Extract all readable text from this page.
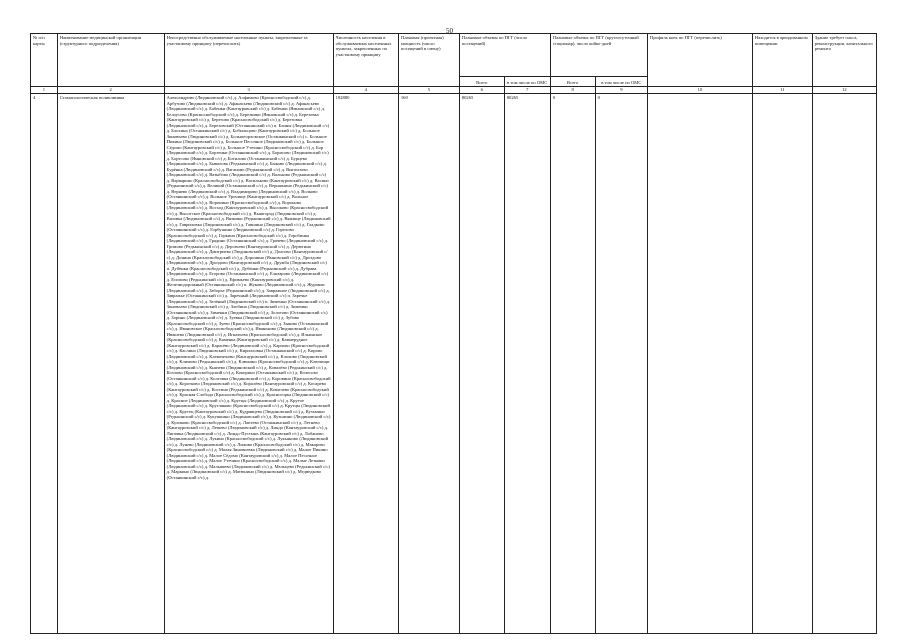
50
№ п/п карты	Наименование медицинской организации (структурного подразделения)	Непосредственно обслуживаемые населенные пункты, закрепленные за участковому принципу (перечислить)	Численность населения в обслуживаемых населенных пунктах, закрепленных по участковому принципу	Плановая (проектная) мощность (число посещений в смену)	Плановые объемы по ПГГ (число посещений)		Плановые объемы по ПГГ (круглосуточный стационар), число койко-дней		Профиль коек по ПГГ (перечислить)	Находится в арендованном помещении	Здание требует сноса, реконструкции, капитального ремонта
					Всего	в том числе по ОМС	Всего	в том числе по ОМС			
1	2	3	4	5	6	7	8	9	10	11	12
4	Стоматологическая поликлиника	Александрово (Людиновский с/с) д. Алфимово (Красносвободский с/с) д. Арбузово (Людиновский с/с) д. Афанасьево (Людиновский с/с) д. Афанасьево (Людиновский с/с) д. Бабенки (Кантауровский с/с) д. Бабенки (Ямновский с/с) д. Белоусово (Красносвободский с/с) д. Березники (Ямновский с/с) д. Березовка (Кантауровский с/с) д. Березово (Красносвободский с/с) д. Березовка (Людиновский с/с) д. Березовский (Останкинский с/с) п. Блины (Людиновский с/с) д. Блохино (Останкинский с/с) д. Бобыльцово (Кантауровский с/с) д. Большое Зиновьево (Людиновский с/с) д. Большеорловское (Останкинский с/с) с. Большое Пикино (Людиновский с/с) д. Большое Песочное (Людиновский с/с) д. Большое Сёдомо (Кантауровский с/с) д. Большое Утечино (Красносвободский с/с) д. Бор (Людиновский с/с) д. Борзенки (Останкинский с/с) д. Борисово (Людиновский с/с) д. Бортсово (Ямновский с/с) д. Ботилово (Останкинский с/с) д. Бурцево (Людиновский с/с) д. Бывалово (Редькинский с/с) д. Быково (Людиновский с/с) д. Бурёнка (Людиновский с/с) д. Ваганово (Редькинский с/с) д. Выползово (Людиновский с/с) д. Вазыбово (Людиновский с/с) д. Вальково (Редькинский с/с) д. Варварино (Красносвободский с/с) д. Васильково (Кантауровский с/с) д. Васино (Редькинский с/с) д. Великий (Останкинский с/с) д. Вершинино (Редькинский с/с) д. Веряево (Людиновский с/с) д. Владимирово (Людиновский с/с) д. Волково (Останкинский с/с) д. Вольное Урочище (Кантауровский с/с) д. Вольное (Людиновский с/с) д. Воронино (Красносвободский с/с) д. Вороново (Людиновский с/с) д. Восход (Кантауровский с/с) д. Высоково (Красносвободский с/с) д. Высотское (Красносвободский с/с) д. Вышгород (Людиновский с/с) д. Вязовка (Людиновский с/с) д. Вязники (Редькинский с/с) д. Вяжище (Людиновский с/с) д. Гавриловка (Людиновский с/с) д. Гавшино (Людиновский с/с) д. Гладково (Останкинский с/с) д. Горбушино (Людиновский с/с) д. Горелово (Красносвободский с/с) д. Горкино (Красносвободский с/с) д. Горобинка (Людиновский с/с) д. Градино (Останкинский с/с) д. Грачево (Людиновский с/с) д. Громово (Редькинский с/с) д. Дергачево (Кантауровский с/с) д. Дерюгино (Людиновский с/с) д. Дмитриево (Людиновский с/с) д. Долгово (Кантауровский с/с) д. Донино (Красносвободский с/с) д. Доронино (Ямновский с/с) д. Дроздово (Людиновский с/с) д. Дроздово (Кантауровский с/с) д. Дружба (Людиновский с/с) п. Дубёнки (Красносвободский с/с) д. Дубёнки (Редькинский с/с) д. Дубрава (Людиновский с/с) д. Егорово (Останкинский с/с) д. Елизарово (Людиновский с/с) д. Есипово (Редькинский с/с) д. Ефимьево (Кантауровский с/с) д. Железнодорожный (Останкинский с/с) п. Жуково (Людиновский с/с) д. Журавли (Людиновский с/с) д. Заборье (Редькинский с/с) д. Завражное (Людиновский с/с) д. Завражье (Останкинский с/с) д. Заречный (Людиновский с/с) п. Заречье (Людиновский с/с) д. Зелёный (Людиновский с/с) п. Зименки (Останкинский с/с) д. Зиновьево (Людиновский с/с) д. Злобино (Людиновский с/с) д. Зименки (Останкинский с/с) д. Зименки (Людиновский с/с) д. Золотово (Останкинский с/с) д. Зорино (Людиновский с/с) д. Зуевка (Людиновский с/с) д. Зубово (Красносвободский с/с) д. Зуево (Красносвободский с/с) д. Зыково (Останкинский с/с) д. Ивановское (Красносвободский с/с) д. Иваньково (Людиновский с/с) д. Ивашево (Людиновский с/с) д. Игнатьево (Красносвободский с/с) д. Ильинское (Красносвободский с/с) д. Каменка (Кантауровский с/с) д. Камнерудное (Кантауровский с/с) д. Карасёво (Людиновский с/с) д. Карпово (Красносвободский с/с) д. Каслино (Людиновский с/с) д. Кирилловка (Останкинский с/с) д. Кирово (Людиновский с/с) д. Клементьево (Кантауровский с/с) д. Клоково (Людиновский с/с) д. Климово (Редькинский с/с) д. Клюкино (Красносвободский с/с) д. Ключищи (Людиновский с/с) д. Князево (Людиновский с/с) д. Ковалёво (Редькинский с/с) д. Козлово (Красносвободский с/с) д. Кокорино (Останкинский с/с) д. Колесово (Останкинский с/с) д. Колтовка (Людиновский с/с) д. Коровино (Красносвободский с/с) д. Коротково (Людиновский с/с) д. Королёво (Кантауровский с/с) д. Косарево (Кантауровский с/с) д. Костино (Редькинский с/с) д. Кошелево (Красносвободский с/с) д. Красная Слобода (Красносвободский с/с) д. Красногорка (Людиновский с/с) д. Красное (Людиновский с/с) д. Крутцы (Людиновский с/с) д. Крутое (Людиновский с/с) д. Кругляково (Красносвободский с/с) д. Крутцы (Людиновский с/с) д. Крутец (Кантауровский с/с) д. Кудрявцево (Людиновский с/с) д. Кузьмино (Редькинский с/с) д. Кукушкино (Людиновский с/с) д. Кузьмино (Людиновский с/с) д. Куликово (Красносвободский с/с) д. Лаптево (Останкинский с/с) д. Летнево (Кантауровский с/с) д. Лешево (Людиновский с/с) д. Линдо (Кантауровский с/с) д. Липовка (Людиновский с/с) д. Линдо-Пустынь (Кантауровский с/с) д. Лобаново (Людиновский с/с) д. Лукино (Красносвободский с/с) д. Лукьяново (Людиновский с/с) д. Лунево (Людиновский с/с) д. Лыково (Красносвободский с/с) д. Макарово (Красносвободский с/с) д. Малая Зиновьевка (Людиновский с/с) д. Малое Пикино (Людиновский с/с) д. Малое Сёдомо (Кантауровский с/с) д. Малое Песочное (Людиновский с/с) д. Малое Утечино (Красносвободский с/с) д. Малые Летники (Людиновский с/с) д. Малышево (Людиновский с/с) д. Мальцево (Редькинский с/с) д. Маркино (Людиновский с/с) д. Матюнино (Людиновский с/с) д. Медведково (Останкинский с/с) д.	182880	160	80265	80265	0	0			
